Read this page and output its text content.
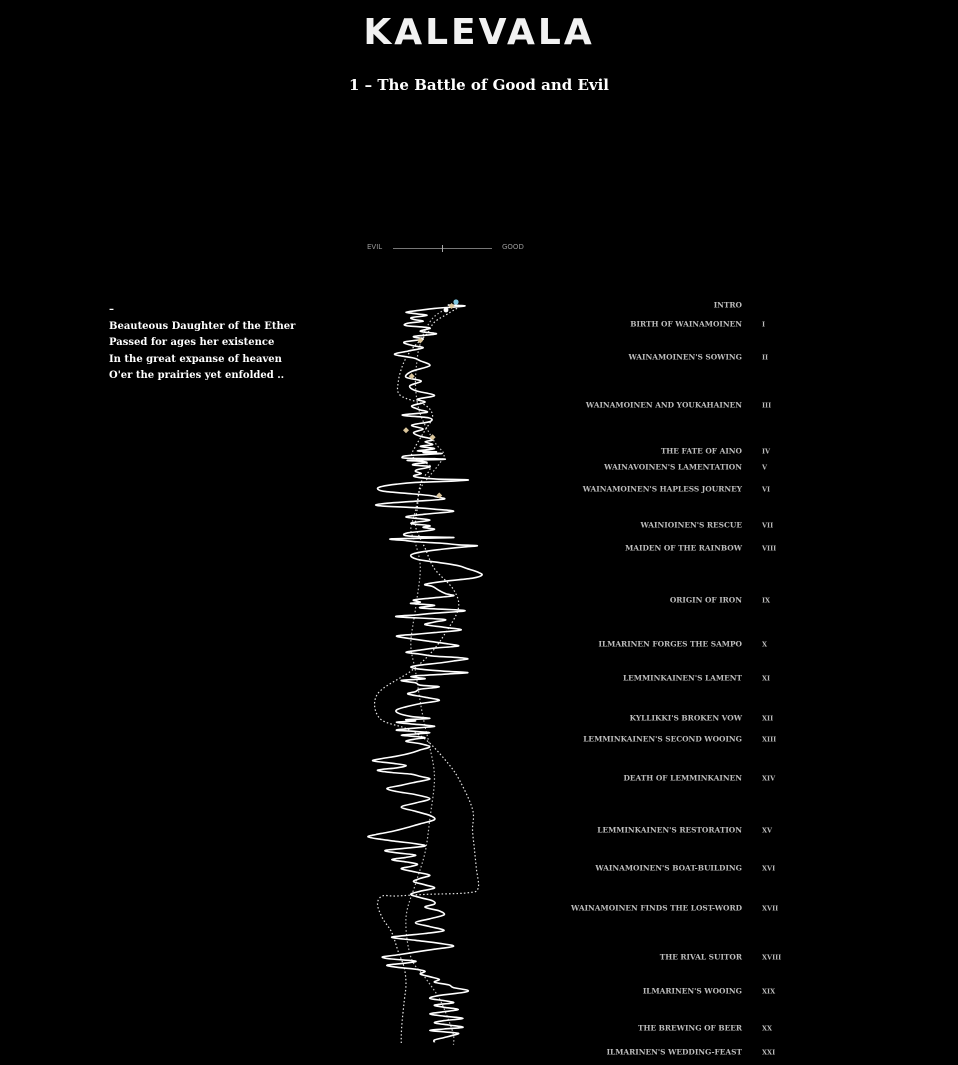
KALEVALA
1 – The Battle of Good and Evil
EVIL	GOOD
–
Beauteous Daughter of the Ether
Passed for ages her existence
In the great expanse of heaven
O'er the prairies yet enfolded ..
INTRO
BIRTH OF WAINAMOINEN	I
WAINAMOINEN'S SOWING	II
WAINAMOINEN AND YOUKAHAINEN	III
THE FATE OF AINO	IV
WAINAVOINEN'S LAMENTATION	V
WAINAMOINEN'S HAPLESS JOURNEY	VI
WAINIOINEN'S RESCUE	VII
MAIDEN OF THE RAINBOW	VIII
ORIGIN OF IRON	IX
ILMARINEN FORGES THE SAMPO	X
LEMMINKAINEN'S LAMENT	XI
KYLLIKKI'S BROKEN VOW	XII
LEMMINKAINEN'S SECOND WOOING	XIII
DEATH OF LEMMINKAINEN	XIV
LEMMINKAINEN'S RESTORATION	XV
WAINAMOINEN'S BOAT-BUILDING	XVI
WAINAMOINEN FINDS THE LOST-WORD	XVII
THE RIVAL SUITOR	XVIII
ILMARINEN'S WOOING	XIX
THE BREWING OF BEER	XX
ILMARINEN'S WEDDING-FEAST	XXI
